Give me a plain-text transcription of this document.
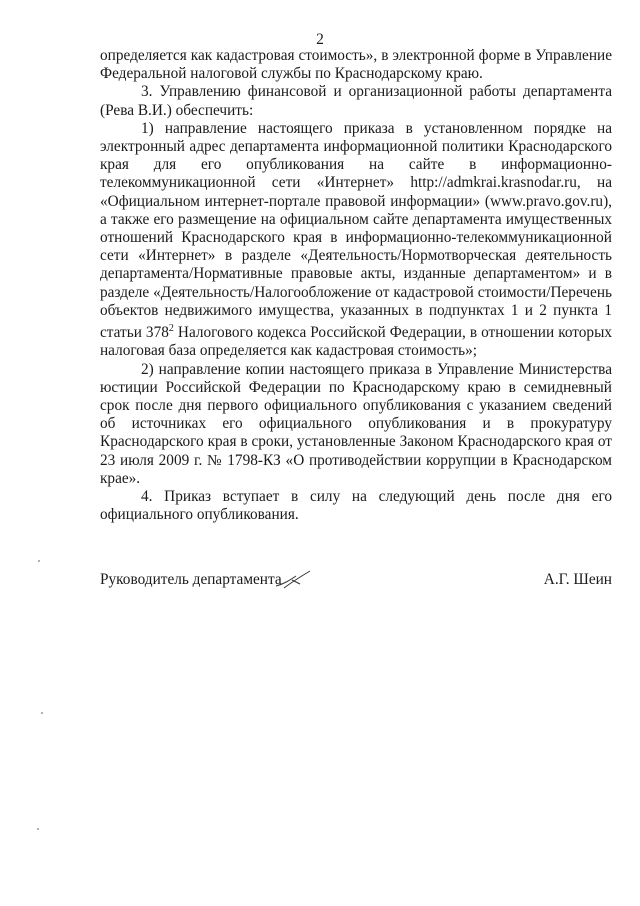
2

определяется как кадастровая стоимость», в электронной форме в Управление Федеральной налоговой службы по Краснодарскому краю.

3. Управлению финансовой и организационной работы департамента (Рева В.И.) обеспечить:

1) направление настоящего приказа в установленном порядке на электронный адрес департамента информационной политики Краснодарского края для его опубликования на сайте в информационно-телекоммуникационной сети «Интернет» http://admkrai.krasnodar.ru, на «Официальном интернет-портале правовой информации» (www.pravo.gov.ru), а также его размещение на официальном сайте департамента имущественных отношений Краснодарского края в информационно-телекоммуникационной сети «Интернет» в разделе «Деятельность/Нормотворческая деятельность департамента/Нормативные правовые акты, изданные департаментом» и в разделе «Деятельность/Налогообложение от кадастровой стоимости/Перечень объектов недвижимого имущества, указанных в подпунктах 1 и 2 пункта 1 статьи $378^2$ Налогового кодекса Российской Федерации, в отношении которых налоговая база определяется как кадастровая стоимость»;

2) направление копии настоящего приказа в Управление Министерства юстиции Российской Федерации по Краснодарскому краю в семидневный срок после дня первого официального опубликования с указанием сведений об источниках его официального опубликования и в прокуратуру Краснодарского края в сроки, установленные Законом Краснодарского края от 23 июля 2009 г. № 1798-КЗ «О противодействии коррупции в Краснодарском крае».

4. Приказ вступает в силу на следующий день после дня его официального опубликования.

Руководитель департамента	А.Г. Шеин
